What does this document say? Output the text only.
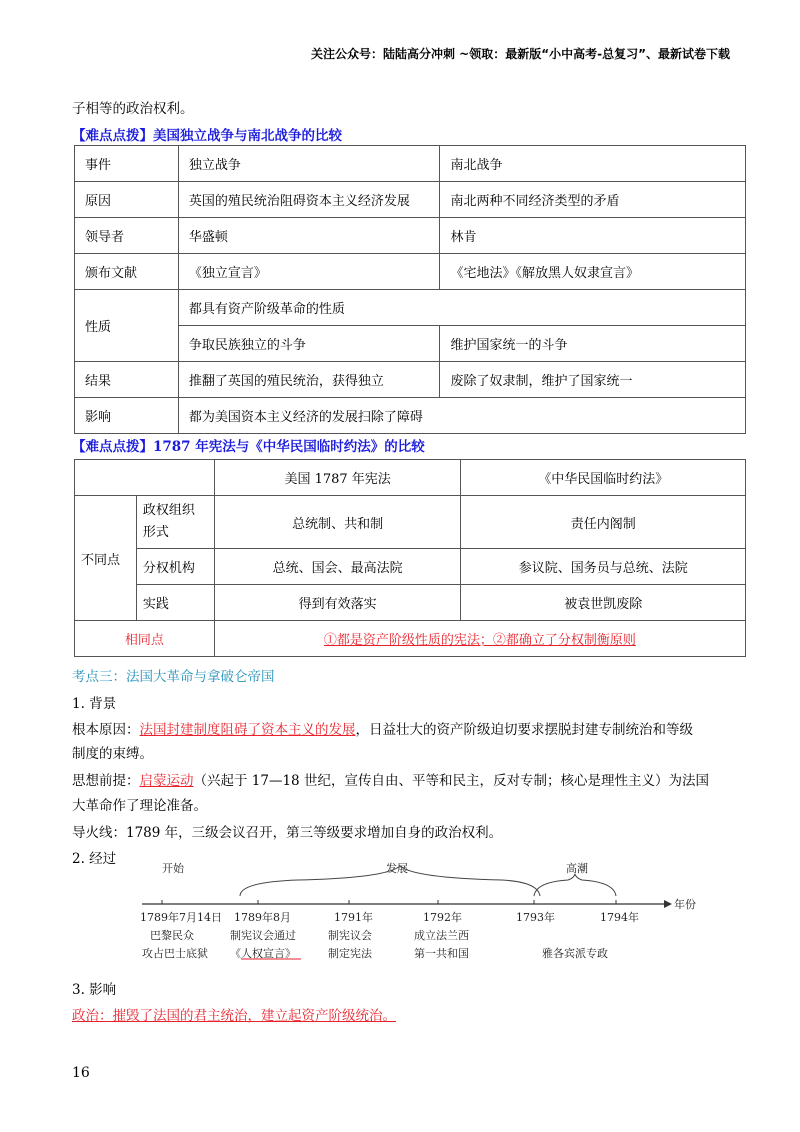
关注公众号：陆陆高分冲刺 ~领取：最新版“小中高考-总复习”、最新试卷下载
子相等的政治权利。
【难点点拨】美国独立战争与南北战争的比较
事件	独立战争	南北战争
原因	英国的殖民统治阻碍资本主义经济发展	南北两种不同经济类型的矛盾
领导者	华盛顿	林肯
颁布文献	《独立宣言》	《宅地法》《解放黑人奴隶宣言》
性质	都具有资产阶级革命的性质	
	争取民族独立的斗争	维护国家统一的斗争
结果	推翻了英国的殖民统治，获得独立	废除了奴隶制，维护了国家统一
影响	都为美国资本主义经济的发展扫除了障碍	
【难点点拨】1787 年宪法与《中华民国临时约法》的比较
		美国 1787 年宪法	《中华民国临时约法》
不同点	政权组织形式	总统制、共和制	责任内阁制
	分权机构	总统、国会、最高法院	参议院、国务员与总统、法院
	实践	得到有效落实	被袁世凯废除
相同点		①都是资产阶级性质的宪法；②都确立了分权制衡原则	
考点三：法国大革命与拿破仑帝国
1. 背景
根本原因：法国封建制度阻碍了资本主义的发展，日益壮大的资产阶级迫切要求摆脱封建专制统治和等级
制度的束缚。
思想前提：启蒙运动（兴起于 17—18 世纪，宣传自由、平等和民主，反对专制；核心是理性主义）为法国
大革命作了理论准备。
导火线：1789 年，三级会议召开，第三等级要求增加自身的政治权利。
2. 经过
开始	发展	高潮
年份
1789年7月14日 1789年8月	1791年	1792年	1793年	1794年
巴黎民众	制宪议会通过	制宪议会	成立法兰西
攻占巴士底狱 《人权宣言》	制定宪法	第一共和国	雅各宾派专政
3. 影响
政治：摧毁了法国的君主统治，建立起资产阶级统治。
16
